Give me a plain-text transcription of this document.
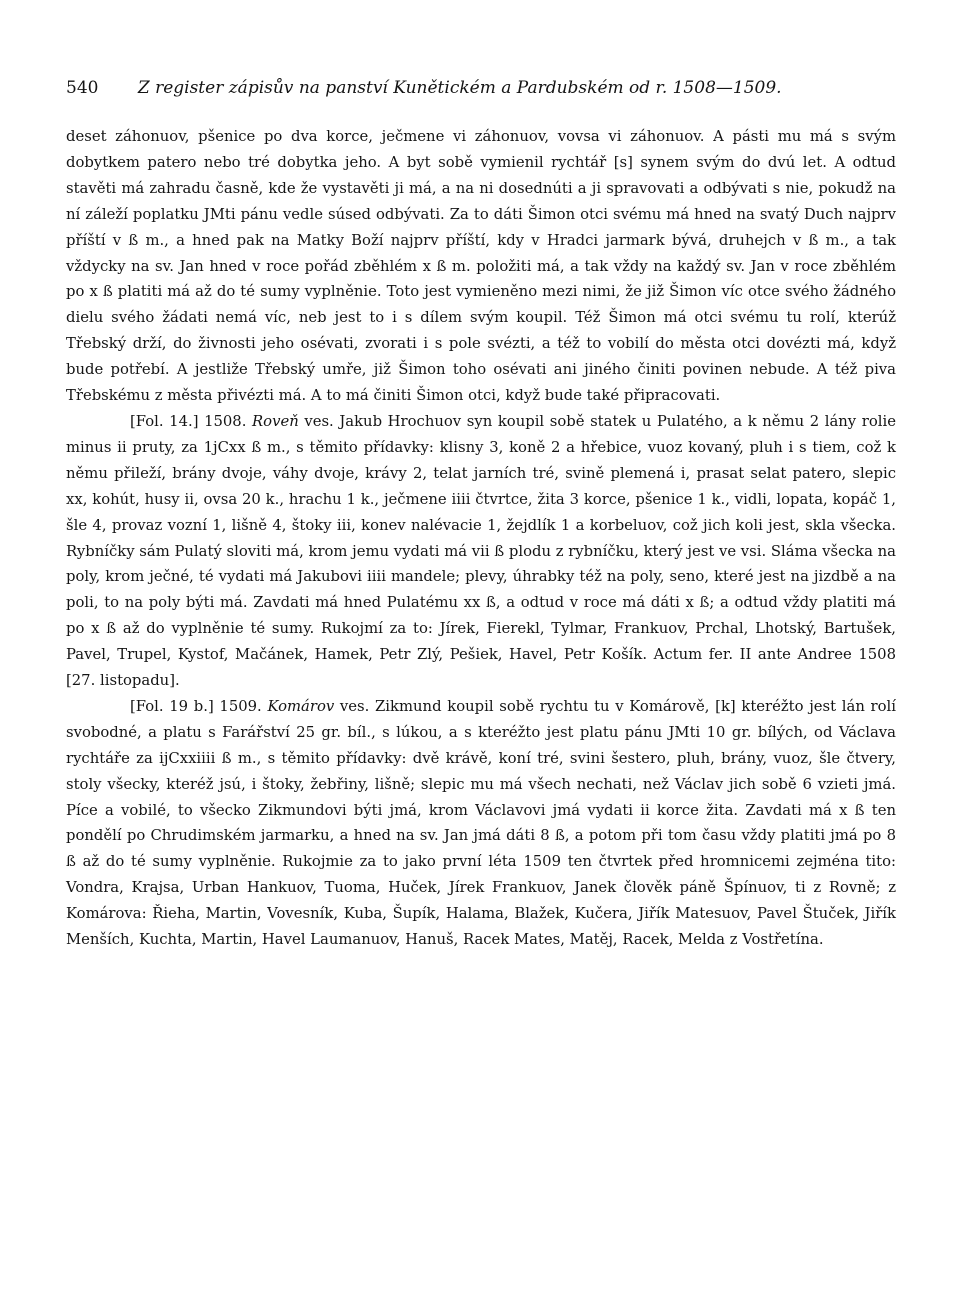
540 Z register zápisův na panství Kunětickém a Pardubském od r. 1508—1509.

deset záhonuov, pšenice po dva korce, ječmene vi záhonuov, vovsa vi záhonuov. A pásti mu má s svým dobytkem patero nebo tré dobytka jeho. A byt sobě vymienil rychtář [s] synem svým do dvú let. A odtud stavěti má zahradu časně, kde že vystavěti ji má, a na ni dosednúti a ji spravovati a odbývati s nie, pokudž na ní záleží poplatku JMti pánu vedle súsed odbývati. Za to dáti Šimon otci svému má hned na svatý Duch najprv příští v ß m., a hned pak na Matky Boží najprv příští, kdy v Hradci jarmark bývá, druhejch v ß m., a tak vždycky na sv. Jan hned v roce pořád zběhlém x ß m. položiti má, a tak vždy na každý sv. Jan v roce zběhlém po x ß platiti má až do té sumy vyplněnie. Toto jest vymieněno mezi nimi, že již Šimon víc otce svého žádného dielu svého žádati nemá víc, neb jest to i s dílem svým koupil. Též Šimon má otci svému tu rolí, kterúž Třebský drží, do živnosti jeho osévati, zvorati i s pole svézti, a též to vobilí do města otci dovézti má, když bude potřebí. A jestliže Třebský umře, již Šimon toho osévati ani jiného činiti povinen nebude. A též piva Třebskému z města přivézti má. A to má činiti Šimon otci, když bude také připracovati.

[Fol. 14.] 1508. Roveň ves. Jakub Hrochuov syn koupil sobě statek u Pulatého, a k němu 2 lány rolie minus ii pruty, za 1jCxx ß m., s těmito přídavky: klisny 3, koně 2 a hřebice, vuoz kovaný, pluh i s tiem, což k němu přileží, brány dvoje, váhy dvoje, krávy 2, telat jarních tré, svině plemená i, prasat selat patero, slepic xx, kohút, husy ii, ovsa 20 k., hrachu 1 k., ječmene iiii čtvrtce, žita 3 korce, pšenice 1 k., vidli, lopata, kopáč 1, šle 4, provaz vozní 1, lišně 4, štoky iii, konev nalévacie 1, žejdlík 1 a korbeluov, což jich koli jest, skla všecka. Rybníčky sám Pulatý sloviti má, krom jemu vydati má vii ß plodu z rybníčku, který jest ve vsi. Sláma všecka na poly, krom ječné, té vydati má Jakubovi iiii mandele; plevy, úhrabky též na poly, seno, které jest na jizdbě a na poli, to na poly býti má. Zavdati má hned Pulatému xx ß, a odtud v roce má dáti x ß; a odtud vždy platiti má po x ß až do vyplněnie té sumy. Rukojmí za to: Jírek, Fierekl, Tylmar, Frankuov, Prchal, Lhotský, Bartušek, Pavel, Trupel, Kystof, Mačánek, Hamek, Petr Zlý, Pešiek, Havel, Petr Košík. Actum fer. II ante Andree 1508 [27. listopadu].

[Fol. 19 b.] 1509. Komárov ves. Zikmund koupil sobě rychtu tu v Komárově, [k] kteréžto jest lán rolí svobodné, a platu s Farářství 25 gr. bíl., s lúkou, a s kteréžto jest platu pánu JMti 10 gr. bílých, od Václava rychtáře za ijCxxiiii ß m., s těmito přídavky: dvě krávě, koní tré, svini šestero, pluh, brány, vuoz, šle čtvery, stoly všecky, kteréž jsú, i štoky, žebřiny, lišně; slepic mu má všech nechati, než Václav jich sobě 6 vzieti jmá. Píce a vobilé, to všecko Zikmundovi býti jmá, krom Václavovi jmá vydati ii korce žita. Zavdati má x ß ten pondělí po Chrudimském jarmarku, a hned na sv. Jan jmá dáti 8 ß, a potom při tom času vždy platiti jmá po 8 ß až do té sumy vyplněnie. Rukojmie za to jako první léta 1509 ten čtvrtek před hromnicemi zejména tito: Vondra, Krajsa, Urban Hankuov, Tuoma, Huček, Jírek Frankuov, Janek člověk páně Špínuov, ti z Rovně; z Komárova: Řieha, Martin, Vovesník, Kuba, Šupík, Halama, Blažek, Kučera, Jiřík Matesuov, Pavel Štuček, Jiřík Menších, Kuchta, Martin, Havel Laumanuov, Hanuš, Racek Mates, Matěj, Racek, Melda z Vostřetína.
